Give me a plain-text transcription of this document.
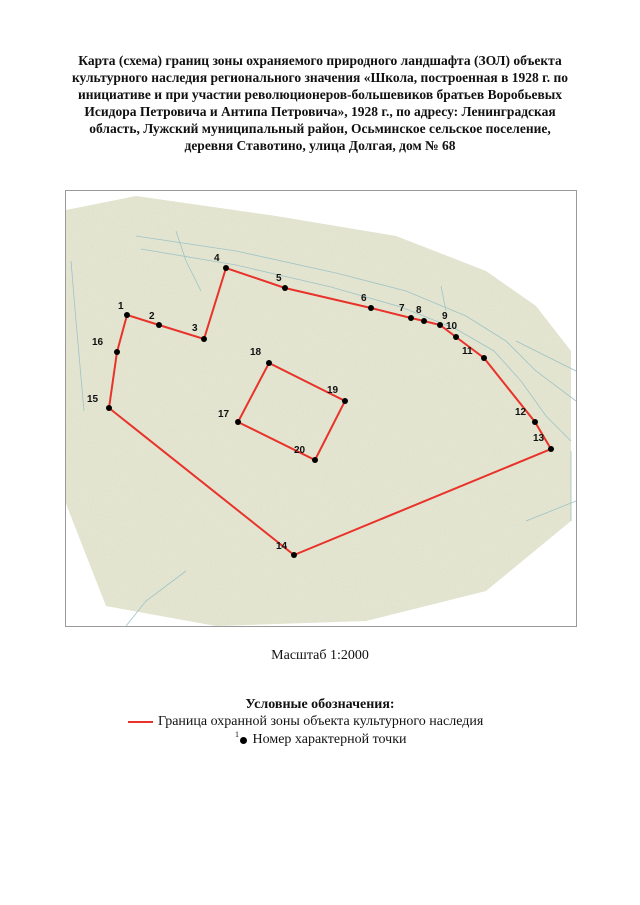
Карта (схема) границ зоны охраняемого природного ландшафта (ЗОЛ) объекта культурного наследия регионального значения «Школа, построенная в 1928 г. по инициативе и при участии революционеров-большевиков братьев Воробьевых Исидора Петровича и Антипа Петровича», 1928 г., по адресу: Ленинградская область, Лужский муниципальный район, Осьминское сельское поселение, деревня Ставотино, улица Долгая, дом № 68
1
2
3
4
5
6
7 8
9
10
11
12
13
14
15
16
17
18
19
20
Масштаб 1:2000
Условные обозначения:
Граница охранной зоны объекта культурного наследия
1 Номер характерной точки
